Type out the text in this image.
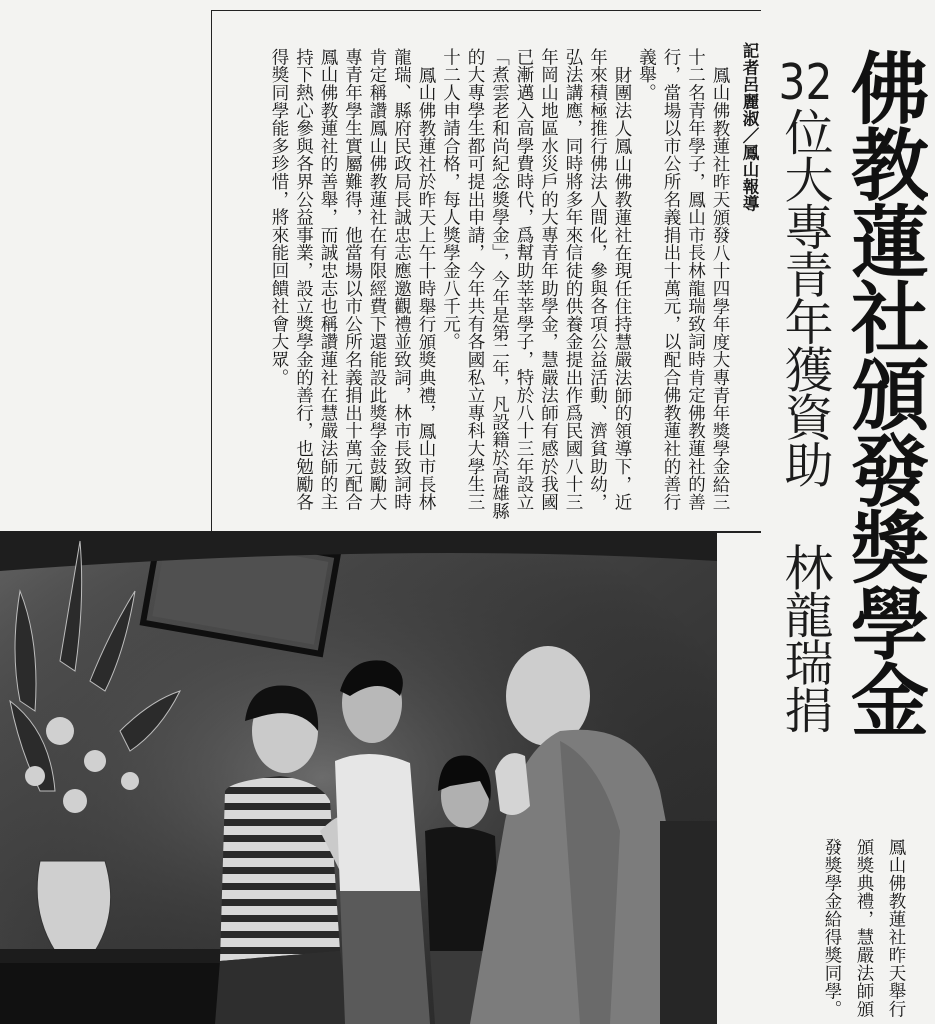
佛教蓮社頒發獎學金
32位大專青年獲資助 林龍瑞捐
記者呂麗淑／鳳山報導

鳳山佛教蓮社昨天頒發八十四學年度大專青年獎學金給三十二名青年學子，鳳山市長林龍瑞致詞時肯定佛教蓮社的善行，當場以市公所名義捐出十萬元，以配合佛教蓮社的善行義舉。

財團法人鳳山佛教蓮社在現任住持慧嚴法師的領導下，近年來積極推行佛法人間化，參與各項公益活動、濟貧助幼，弘法講應，同時將多年來信徒的供養金提出作爲民國八十三年岡山地區水災戶的大專青年助學金，慧嚴法師有感於我國已漸邁入高學費時代，爲幫助莘莘學子，特於八十三年設立「煮雲老和尚紀念獎學金」，今年是第二年，凡設籍於高雄縣的大專學生都可提出申請，今年共有各國私立專科大學生三十二人申請合格，每人獎學金八千元。

鳳山佛教蓮社於昨天上午十時舉行頒獎典禮，鳳山市長林龍瑞、縣府民政局長誠忠志應邀觀禮並致詞，林市長致詞時肯定稱讚鳳山佛教蓮社在有限經費下還能設此獎學金鼓勵大專青年學生實屬難得，他當場以市公所名義捐出十萬元配合鳳山佛教蓮社的善舉，而誠忠志也稱讚蓮社在慧嚴法師的主持下熱心參與各界公益事業，設立獎學金的善行，也勉勵各得獎同學能多珍惜，將來能回饋社會大眾。

鳳山佛教蓮社昨天舉行頒獎典禮，慧嚴法師頒發獎學金給得獎同學。
